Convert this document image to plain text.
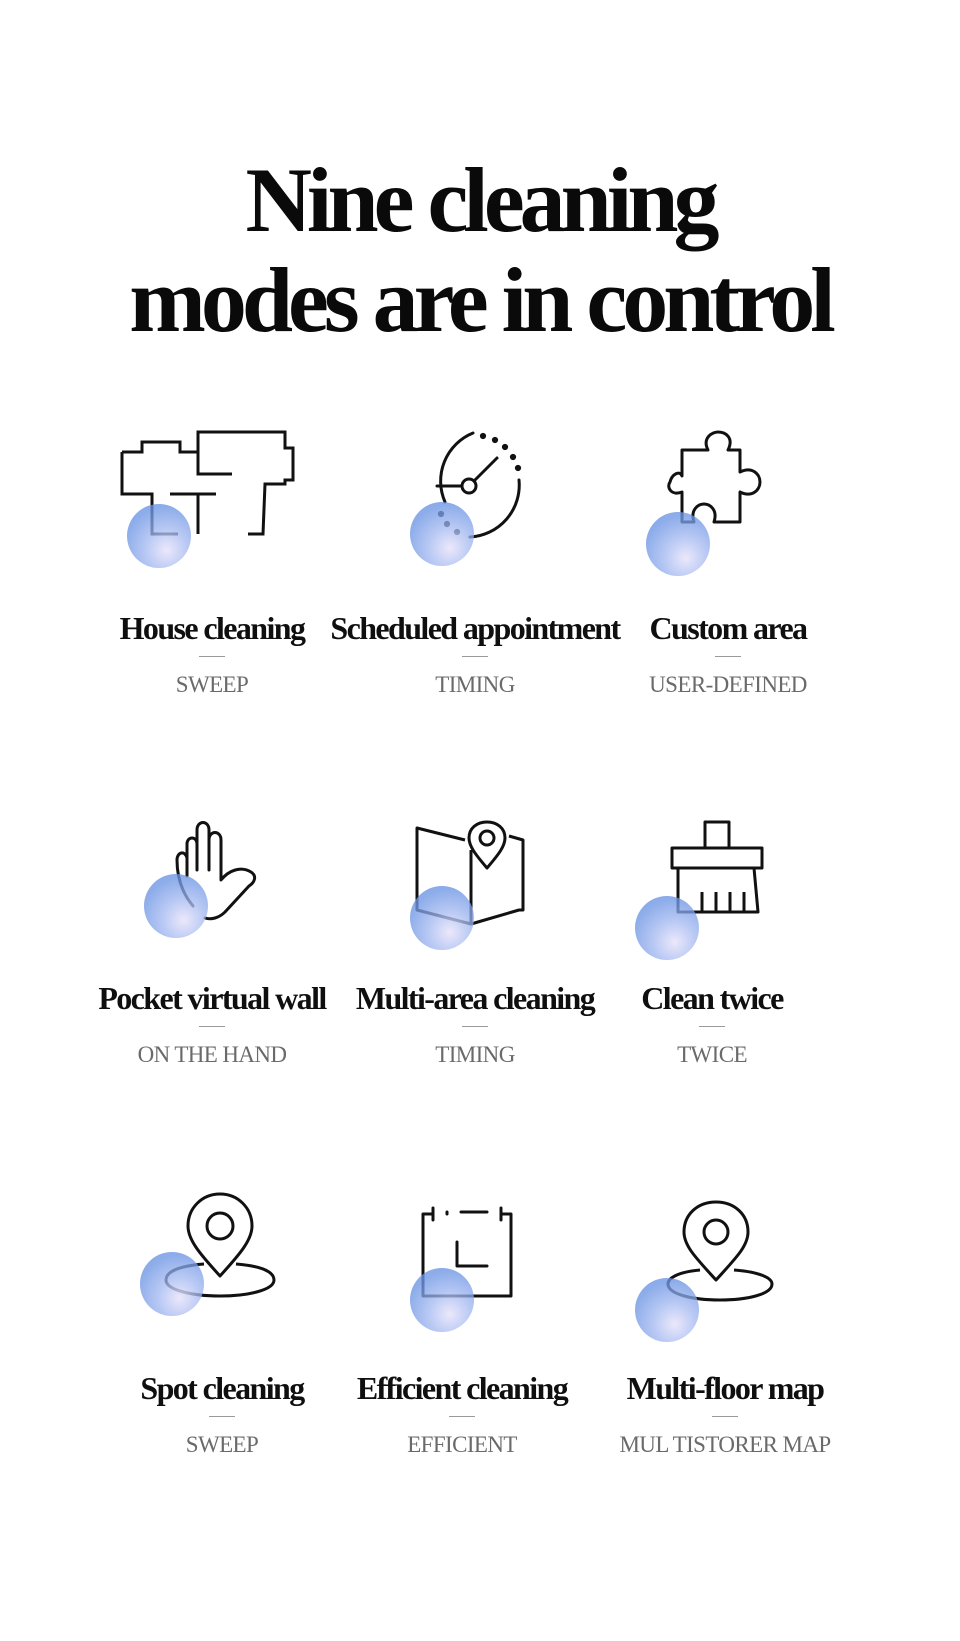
Nine cleaning
modes are in control
House cleaning
SWEEP
Scheduled appointment
TIMING
Custom area
USER-DEFINED
Pocket virtual wall
ON THE HAND
Multi-area cleaning
TIMING
Clean twice
TWICE
Spot cleaning
SWEEP
Efficient cleaning
EFFICIENT
Multi-floor map
MUL TISTORER MAP
